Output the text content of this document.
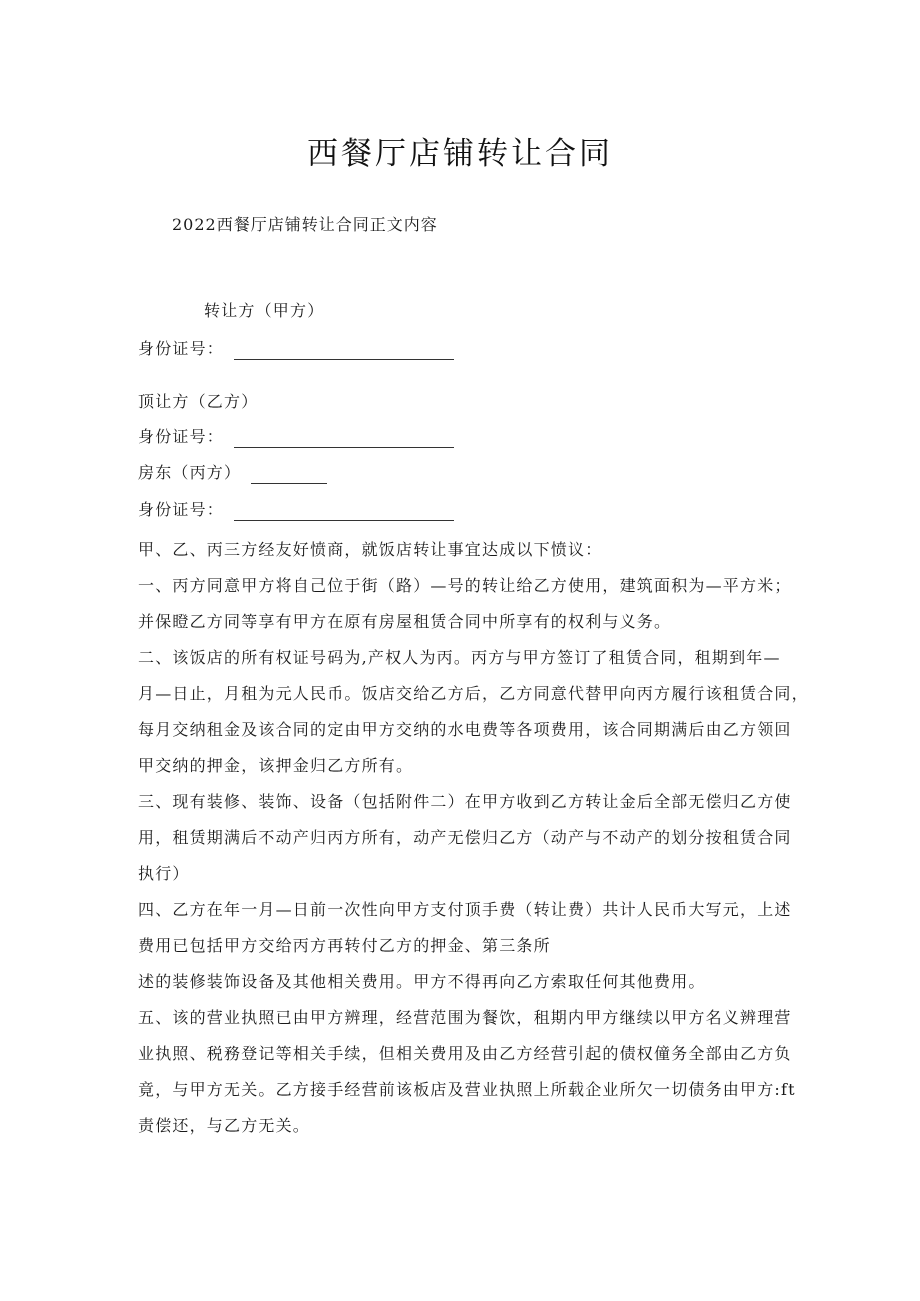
西餐厅店铺转让合同
2022西餐厅店铺转让合同正文内容
转让方（甲方）
身份证号：
顶让方（乙方）
身份证号：
房东（丙方）
身份证号：
甲、乙、丙三方经友好愤商，就饭店转让事宜达成以下愤议：
一、丙方同意甲方将自己位于街（路）—号的转让给乙方使用，建筑面积为—平方米；
并保瞪乙方同等享有甲方在原有房屋租赁合同中所享有的权利与义务。
二、该饭店的所有权证号码为,产权人为丙。丙方与甲方签订了租赁合同，租期到年—
月—日止，月租为元人民币。饭店交给乙方后，乙方同意代替甲向丙方履行该租赁合同，
每月交纳租金及该合同的定由甲方交纳的水电费等各项费用，该合同期满后由乙方领回
甲交纳的押金，该押金归乙方所有。
三、现有装修、装饰、设备（包括附件二）在甲方收到乙方转让金后全部无偿归乙方使
用，租赁期满后不动产归丙方所有，动产无偿归乙方（动产与不动产的划分按租赁合同
执行）
四、乙方在年一月—日前一次性向甲方支付顶手费（转让费）共计人民币大写元，上述
费用已包括甲方交给丙方再转付乙方的押金、第三条所
述的装修装饰设备及其他相关费用。甲方不得再向乙方索取任何其他费用。
五、该的营业执照已由甲方辨理，经营范围为餐饮，租期内甲方继续以甲方名义辨理营
业执照、税務登记等相关手续，但相关费用及由乙方经营引起的债权僮务全部由乙方负
竟，与甲方无关。乙方接手经营前该板店及营业执照上所载企业所欠一切债务由甲方:ft
责偿还，与乙方无关。
